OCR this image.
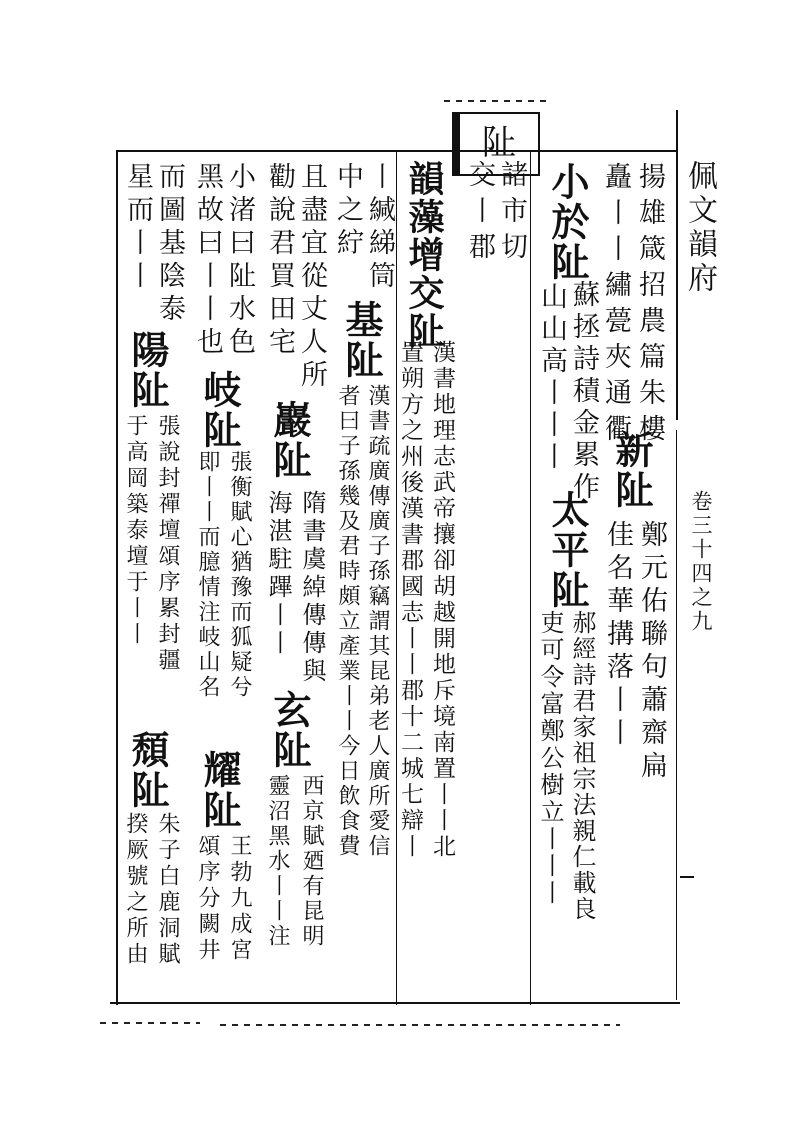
阯
諸市切
交丨郡	佩文韻府
卷三十四之九
揚雄箴招農篇朱樓
矗丨丨繡甍夾通衢
新阯
鄭元佑聯句蕭齋扁
佳名華搆落丨丨
小於阯
蘇拯詩積金累作
山山高丨丨丨
太平阯
郝經詩君家祖宗法親仁載良
吏可令富鄭公樹立丨丨丨
韻藻增交阯
漢書地理志武帝攘卻胡越開地斥境南置丨丨北
置朔方之州後漢書郡國志丨丨郡十二城七辯丨
丨緘綈筒
中之紵
基阯
漢書疏廣傳廣子孫竊謂其昆弟老人廣所愛信
者曰子孫幾及君時頗立產業丨丨今日飲食費
且盡宜從丈人所
勸說君買田宅
巖阯
隋書虞綽傳傳與
海湛駐蹕丨丨
玄阯
西京賦廼有昆明
靈沼黑水丨丨注
小渚曰阯水色
黑故曰丨丨也
岐阯
張衡賦心猶豫而狐疑兮
即丨丨而臆情注岐山名
耀阯
王勃九成宮
頌序分闕井
而圖基陰泰
星而丨丨
陽阯
張說封禪壇頌序累封疆
于高岡築泰壇于丨丨
頹阯
朱子白鹿洞賦
揆厥號之所由
